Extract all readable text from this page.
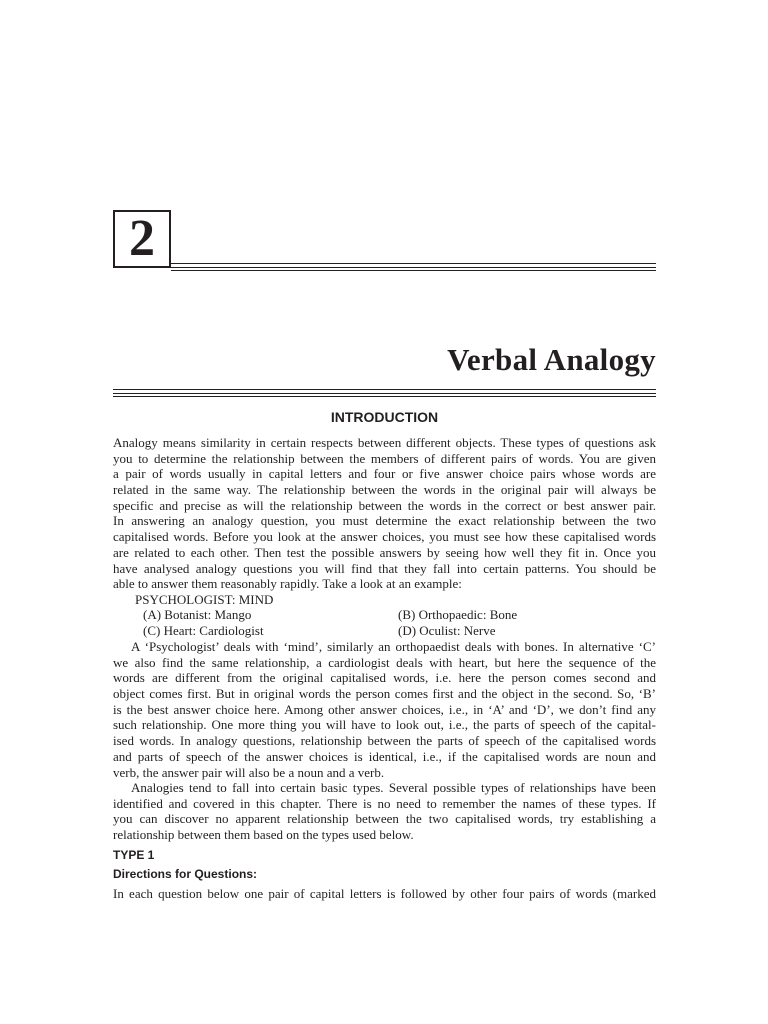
2
Verbal Analogy
INTRODUCTION
Analogy means similarity in certain respects between different objects. These types of questions ask
you to determine the relationship between the members of different pairs of words. You are given
a pair of words usually in capital letters and four or five answer choice pairs whose words are
related in the same way. The relationship between the words in the original pair will always be
specific and precise as will the relationship between the words in the correct or best answer pair.
In answering an analogy question, you must determine the exact relationship between the two
capitalised words. Before you look at the answer choices, you must see how these capitalised words
are related to each other. Then test the possible answers by seeing how well they fit in. Once you
have analysed analogy questions you will find that they fall into certain patterns. You should be
able to answer them reasonably rapidly. Take a look at an example:
PSYCHOLOGIST: MIND
(A) Botanist: Mango	(B) Orthopaedic: Bone
(C) Heart: Cardiologist	(D) Oculist: Nerve
A ‘Psychologist’ deals with ‘mind’, similarly an orthopaedist deals with bones. In alternative ‘C’
we also find the same relationship, a cardiologist deals with heart, but here the sequence of the
words are different from the original capitalised words, i.e. here the person comes second and
object comes first. But in original words the person comes first and the object in the second. So, ‘B’
is the best answer choice here. Among other answer choices, i.e., in ‘A’ and ‘D’, we don’t find any
such relationship. One more thing you will have to look out, i.e., the parts of speech of the capital-
ised words. In analogy questions, relationship between the parts of speech of the capitalised words
and parts of speech of the answer choices is identical, i.e., if the capitalised words are noun and
verb, the answer pair will also be a noun and a verb.
Analogies tend to fall into certain basic types. Several possible types of relationships have been
identified and covered in this chapter. There is no need to remember the names of these types. If
you can discover no apparent relationship between the two capitalised words, try establishing a
relationship between them based on the types used below.
TYPE 1
Directions for Questions:
In each question below one pair of capital letters is followed by other four pairs of words (marked
